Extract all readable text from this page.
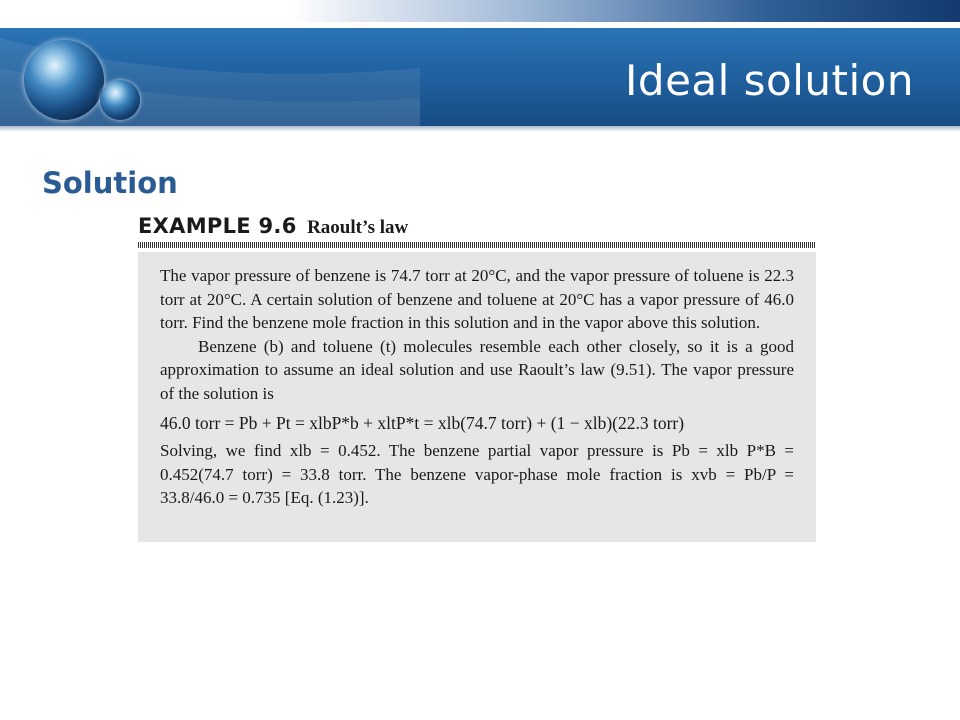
Ideal solution
Solution
EXAMPLE 9.6 Raoult’s law

The vapor pressure of benzene is 74.7 torr at 20°C, and the vapor pressure of toluene is 22.3 torr at 20°C. A certain solution of benzene and toluene at 20°C has a vapor pressure of 46.0 torr. Find the benzene mole fraction in this solution and in the vapor above this solution.

Benzene (b) and toluene (t) molecules resemble each other closely, so it is a good approximation to assume an ideal solution and use Raoult’s law (9.51). The vapor pressure of the solution is

46.0 torr = Pb + Pt = xlbP*b + xltP*t = xlb(74.7 torr) + (1 − xlb)(22.3 torr)

Solving, we find xlb = 0.452. The benzene partial vapor pressure is Pb = xlb P*B = 0.452(74.7 torr) = 33.8 torr. The benzene vapor-phase mole fraction is xvb = Pb/P = 33.8/46.0 = 0.735 [Eq. (1.23)].
